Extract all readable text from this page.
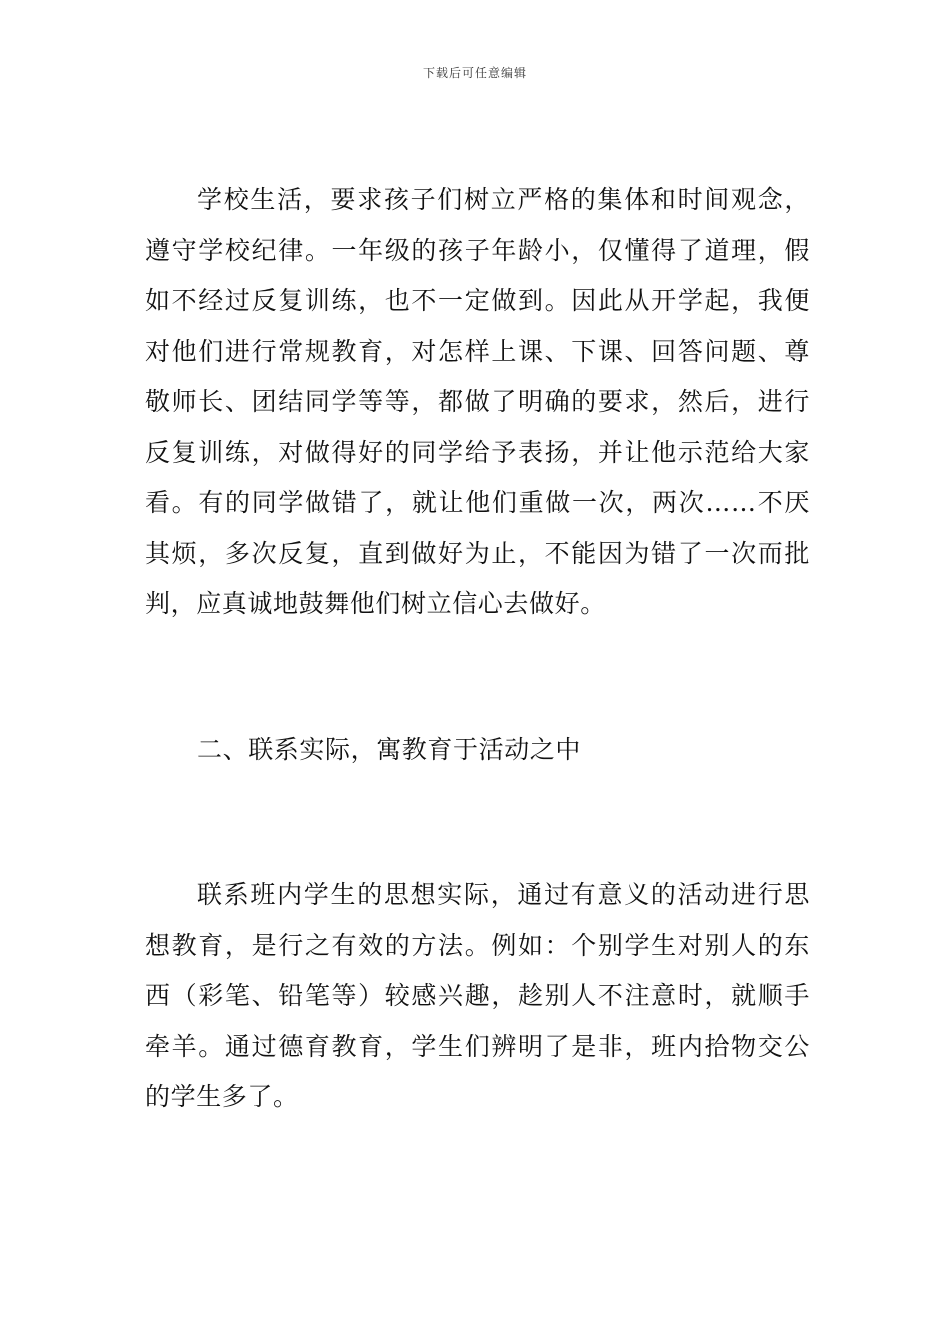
下载后可任意编辑

学校生活，要求孩子们树立严格的集体和时间观念，遵守学校纪律。一年级的孩子年龄小，仅懂得了道理，假如不经过反复训练，也不一定做到。因此从开学起，我便对他们进行常规教育，对怎样上课、下课、回答问题、尊敬师长、团结同学等等，都做了明确的要求，然后，进行反复训练，对做得好的同学给予表扬，并让他示范给大家看。有的同学做错了，就让他们重做一次，两次……不厌其烦，多次反复，直到做好为止，不能因为错了一次而批判，应真诚地鼓舞他们树立信心去做好。

二、联系实际，寓教育于活动之中

联系班内学生的思想实际，通过有意义的活动进行思想教育，是行之有效的方法。例如：个别学生对别人的东西（彩笔、铅笔等）较感兴趣，趁别人不注意时，就顺手牵羊。通过德育教育，学生们辨明了是非，班内拾物交公的学生多了。
